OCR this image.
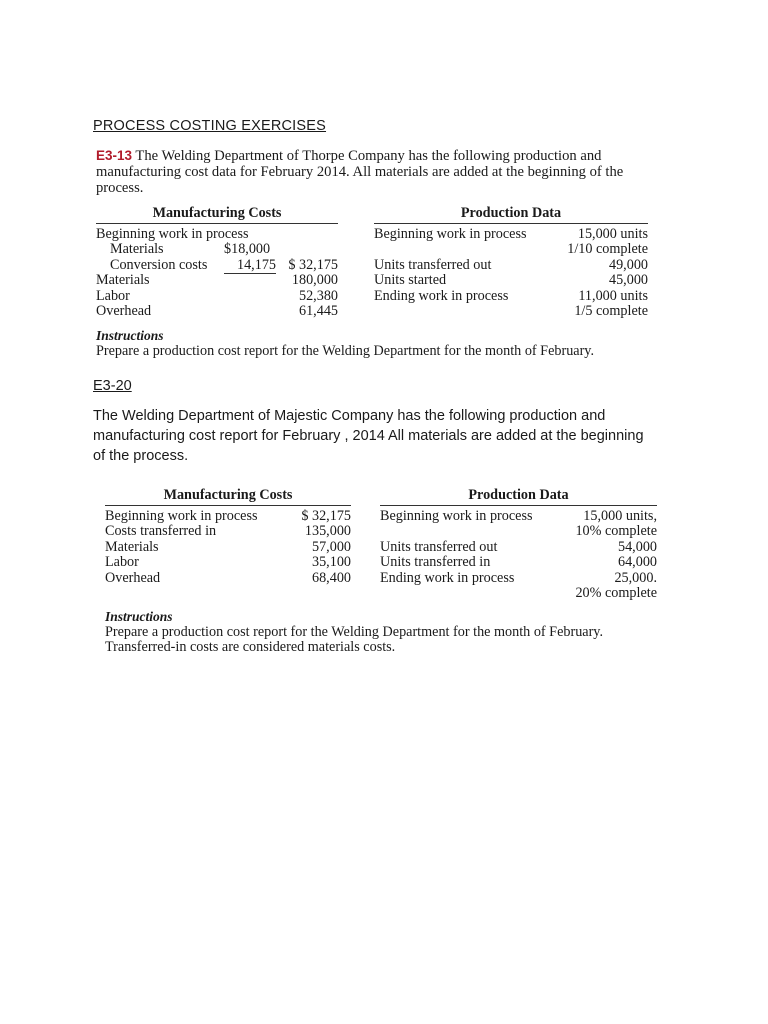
PROCESS COSTING EXERCISES
E3-13 The Welding Department of Thorpe Company has the following production and manufacturing cost data for February 2014. All materials are added at the beginning of the process.
Manufacturing Costs
Beginning work in process
Materials	$18,000
Conversion costs	14,175 $ 32,175
Materials	180,000
Labor	52,380
Overhead	61,445
Production Data
Beginning work in process	15,000 units
1/10 complete
Units transferred out	49,000
Units started	45,000
Ending work in process	11,000 units
1/5 complete
Instructions
Prepare a production cost report for the Welding Department for the month of February.
E3-20
The Welding Department of Majestic Company has the following production and manufacturing cost report for February , 2014 All materials are added at the beginning of the process.
Manufacturing Costs
Beginning work in process	$ 32,175
Costs transferred in	135,000
Materials	57,000
Labor	35,100
Overhead	68,400
Production Data
Beginning work in process	15,000 units,
10% complete
Units transferred out	54,000
Units transferred in	64,000
Ending work in process	25,000.
20% complete
Instructions
Prepare a production cost report for the Welding Department for the month of February.
Transferred-in costs are considered materials costs.
